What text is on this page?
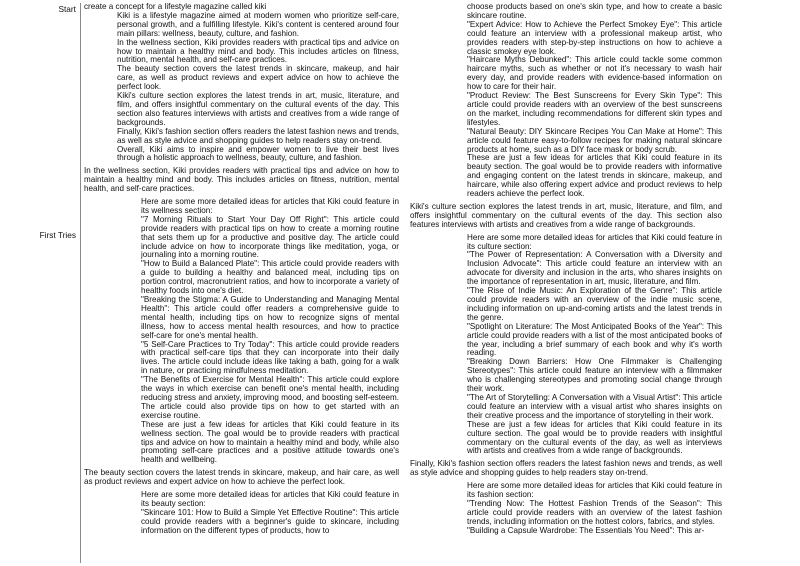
Start
First Tries

create a concept for a lifestyle magazine called kiki

Kiki is a lifestyle magazine aimed at modern women who prioritize self-care, personal growth, and a fulfilling lifestyle. Kiki's content is centered around four main pillars: wellness, beauty, culture, and fashion.

In the wellness section, Kiki provides readers with practical tips and advice on how to maintain a healthy mind and body. This includes articles on fitness, nutrition, mental health, and self-care practices.

The beauty section covers the latest trends in skincare, makeup, and hair care, as well as product reviews and expert advice on how to achieve the perfect look.

Kiki's culture section explores the latest trends in art, music, literature, and film, and offers insightful commentary on the cultural events of the day. This section also features interviews with artists and creatives from a wide range of backgrounds.

Finally, Kiki's fashion section offers readers the latest fashion news and trends, as well as style advice and shopping guides to help readers stay on-trend.

Overall, Kiki aims to inspire and empower women to live their best lives through a holistic approach to wellness, beauty, culture, and fashion.

In the wellness section, Kiki provides readers with practical tips and advice on how to maintain a healthy mind and body. This includes articles on fitness, nutrition, mental health, and self-care practices.

Here are some more detailed ideas for articles that Kiki could feature in its wellness section:

"7 Morning Rituals to Start Your Day Off Right": This article could provide readers with practical tips on how to create a morning routine that sets them up for a productive and positive day. The article could include advice on how to incorporate things like meditation, yoga, or journaling into a morning routine.

"How to Build a Balanced Plate": This article could provide readers with a guide to building a healthy and balanced meal, including tips on portion control, macronutrient ratios, and how to incorporate a variety of healthy foods into one's diet.

"Breaking the Stigma: A Guide to Understanding and Managing Mental Health": This article could offer readers a comprehensive guide to mental health, including tips on how to recognize signs of mental illness, how to access mental health resources, and how to practice self-care for one's mental health.

"5 Self-Care Practices to Try Today": This article could provide readers with practical self-care tips that they can incorporate into their daily lives. The article could include ideas like taking a bath, going for a walk in nature, or practicing mindfulness meditation.

"The Benefits of Exercise for Mental Health": This article could explore the ways in which exercise can benefit one's mental health, including reducing stress and anxiety, improving mood, and boosting self-esteem. The article could also provide tips on how to get started with an exercise routine.

These are just a few ideas for articles that Kiki could feature in its wellness section. The goal would be to provide readers with practical tips and advice on how to maintain a healthy mind and body, while also promoting self-care practices and a positive attitude towards one's health and wellbeing.

The beauty section covers the latest trends in skincare, makeup, and hair care, as well as product reviews and expert advice on how to achieve the perfect look.

Here are some more detailed ideas for articles that Kiki could feature in its beauty section:

"Skincare 101: How to Build a Simple Yet Effective Routine": This article could provide readers with a beginner's guide to skincare, including information on the different types of products, how to

choose products based on one's skin type, and how to create a basic skincare routine.

"Expert Advice: How to Achieve the Perfect Smokey Eye": This article could feature an interview with a professional makeup artist, who provides readers with step-by-step instructions on how to achieve a classic smokey eye look.

"Haircare Myths Debunked": This article could tackle some common haircare myths, such as whether or not it's necessary to wash hair every day, and provide readers with evidence-based information on how to care for their hair.

"Product Review: The Best Sunscreens for Every Skin Type": This article could provide readers with an overview of the best sunscreens on the market, including recommendations for different skin types and lifestyles.

"Natural Beauty: DIY Skincare Recipes You Can Make at Home": This article could feature easy-to-follow recipes for making natural skincare products at home, such as a DIY face mask or body scrub.

These are just a few ideas for articles that Kiki could feature in its beauty section. The goal would be to provide readers with informative and engaging content on the latest trends in skincare, makeup, and haircare, while also offering expert advice and product reviews to help readers achieve the perfect look.

Kiki's culture section explores the latest trends in art, music, literature, and film, and offers insightful commentary on the cultural events of the day. This section also features interviews with artists and creatives from a wide range of backgrounds.

Here are some more detailed ideas for articles that Kiki could feature in its culture section:

"The Power of Representation: A Conversation with a Diversity and Inclusion Advocate": This article could feature an interview with an advocate for diversity and inclusion in the arts, who shares insights on the importance of representation in art, music, literature, and film.

"The Rise of Indie Music: An Exploration of the Genre": This article could provide readers with an overview of the indie music scene, including information on up-and-coming artists and the latest trends in the genre.

"Spotlight on Literature: The Most Anticipated Books of the Year": This article could provide readers with a list of the most anticipated books of the year, including a brief summary of each book and why it's worth reading.

"Breaking Down Barriers: How One Filmmaker is Challenging Stereotypes": This article could feature an interview with a filmmaker who is challenging stereotypes and promoting social change through their work.

"The Art of Storytelling: A Conversation with a Visual Artist": This article could feature an interview with a visual artist who shares insights on their creative process and the importance of storytelling in their work.

These are just a few ideas for articles that Kiki could feature in its culture section. The goal would be to provide readers with insightful commentary on the cultural events of the day, as well as interviews with artists and creatives from a wide range of backgrounds.

Finally, Kiki's fashion section offers readers the latest fashion news and trends, as well as style advice and shopping guides to help readers stay on-trend.

Here are some more detailed ideas for articles that Kiki could feature in its fashion section:

"Trending Now: The Hottest Fashion Trends of the Season": This article could provide readers with an overview of the latest fashion trends, including information on the hottest colors, fabrics, and styles.

"Building a Capsule Wardrobe: The Essentials You Need": This ar-
